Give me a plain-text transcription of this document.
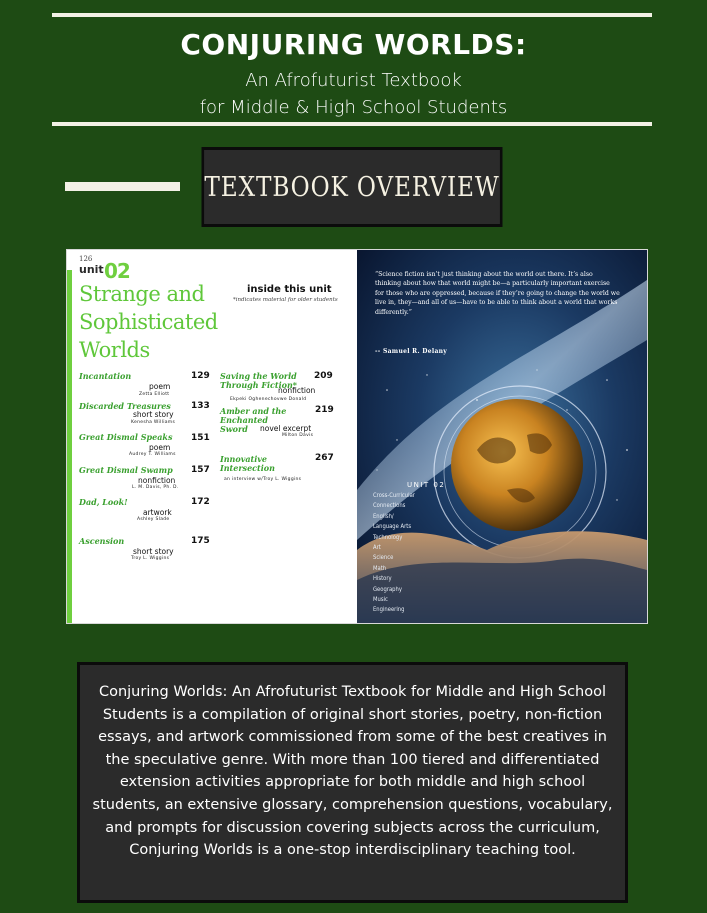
CONJURING WORLDS:
An Afrofuturist Textbook
for Middle & High School Students
TEXTBOOK OVERVIEW
126
unit 02
Strange and
Sophisticated
Worlds
inside this unit
*indicates material for older students
Incantation	129
poem
Zetta Elliott
Discarded Treasures	133
short story
Kenesha Williams
Great Dismal Speaks	151
poem
Audrey T. Williams
Great Dismal Swamp	157
nonfiction
L. M. Davis, Ph. D.
Dad, Look!	172
artwork
Ashley Slade
Ascension	175
short story
Troy L. Wiggins
Saving the World Through Fiction*
209
nonfiction
Ekpeki Oghenechovwe Donald
Amber and the Enchanted Sword
219
novel excerpt
Milton Davis
Innovative Intersection
267
an interview w/Troy L. Wiggins
“Science fiction isn’t just thinking about the world out there. It’s also thinking about how that world might be—a particularly important exercise for those who are oppressed, because if they’re going to change the world we live in, they—and all of us—have to be able to think about a world that works differently.”
-- Samuel R. Delany
UNIT 02
Cross-Curricular
Connections
English/
Language Arts
Technology
Art
Science
Math
History
Geography
Music
Engineering
Conjuring Worlds: An Afrofuturist Textbook for Middle and High School Students is a compilation of original short stories, poetry, non-fiction essays, and artwork commissioned from some of the best creatives in the speculative genre. With more than 100 tiered and differentiated extension activities appropriate for both middle and high school students, an extensive glossary, comprehension questions, vocabulary, and prompts for discussion covering subjects across the curriculum, Conjuring Worlds is a one-stop interdisciplinary teaching tool.
